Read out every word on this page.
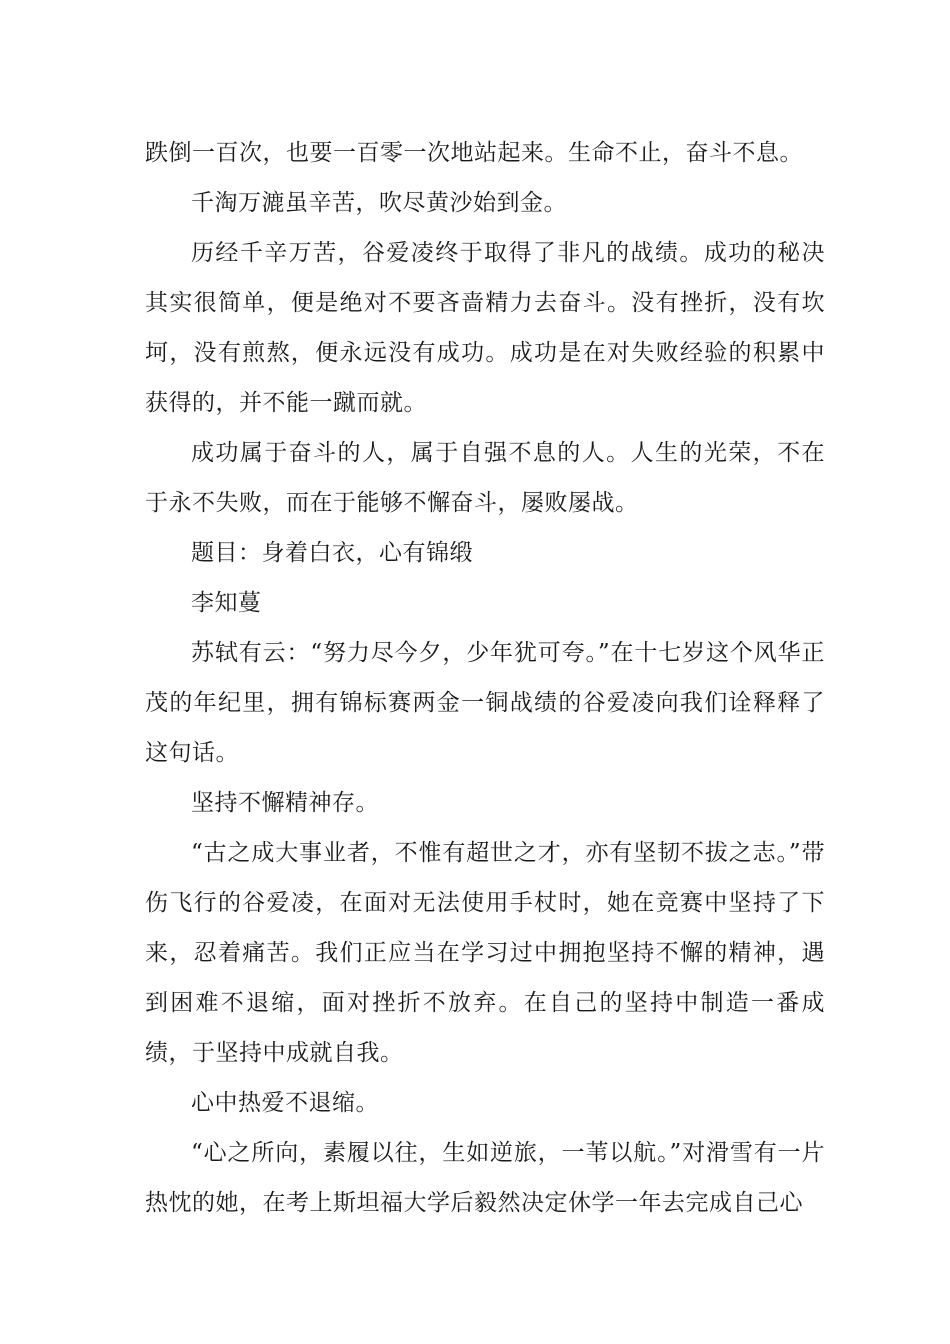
跌倒一百次，也要一百零一次地站起来。生命不止，奋斗不息。

千淘万漉虽辛苦，吹尽黄沙始到金。

历经千辛万苦，谷爱凌终于取得了非凡的战绩。成功的秘决其实很简单，便是绝对不要吝啬精力去奋斗。没有挫折，没有坎坷，没有煎熬，便永远没有成功。成功是在对失败经验的积累中获得的，并不能一蹴而就。

成功属于奋斗的人，属于自强不息的人。人生的光荣，不在于永不失败，而在于能够不懈奋斗，屡败屡战。

题目：身着白衣，心有锦缎

李知蔓

苏轼有云：“努力尽今夕，少年犹可夸。”在十七岁这个风华正茂的年纪里，拥有锦标赛两金一铜战绩的谷爱凌向我们诠释释了这句话。

坚持不懈精神存。

“古之成大事业者，不惟有超世之才，亦有坚韧不拔之志。”带伤飞行的谷爱凌，在面对无法使用手杖时，她在竞赛中坚持了下来，忍着痛苦。我们正应当在学习过中拥抱坚持不懈的精神，遇到困难不退缩，面对挫折不放弃。在自己的坚持中制造一番成绩，于坚持中成就自我。

心中热爱不退缩。

“心之所向，素履以往，生如逆旅，一苇以航。”对滑雪有一片热忱的她，在考上斯坦福大学后毅然决定休学一年去完成自己心
